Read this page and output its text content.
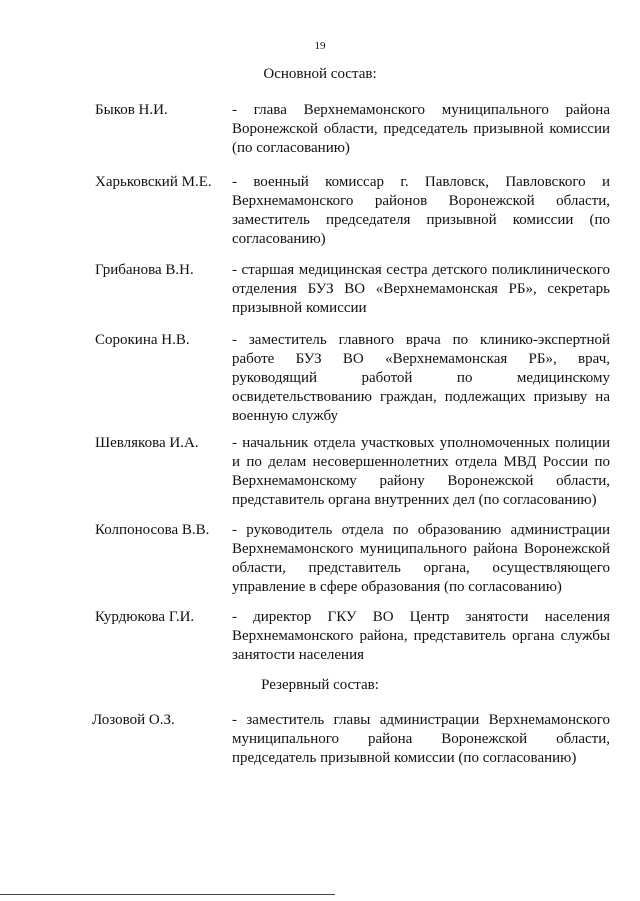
19
Основной состав:
Быков Н.И.	- глава Верхнемамонского муниципального района Воронежской области, председатель призывной комиссии (по согласованию)
Харьковский М.Е. - военный комиссар г. Павловск, Павловского и Верхнемамонского районов Воронежской области, заместитель председателя призывной комиссии (по согласованию)
Грибанова В.Н.	- старшая медицинская сестра детского поликлинического отделения БУЗ ВО «Верхнемамонская РБ», секретарь призывной комиссии
Сорокина Н.В.	- заместитель главного врача по клинико-экспертной работе БУЗ ВО «Верхнемамонская РБ», врач, руководящий работой по медицинскому освидетельствованию граждан, подлежащих призыву на военную службу
Шевлякова И.А. - начальник отдела участковых уполномоченных полиции и по делам несовершеннолетних отдела МВД России по Верхнемамонскому району Воронежской области, представитель органа внутренних дел (по согласованию)
Колпоносова В.В. - руководитель отдела по образованию администрации Верхнемамонского муниципального района Воронежской области, представитель органа, осуществляющего управление в сфере образования (по согласованию)
Курдюкова Г.И.	- директор ГКУ ВО Центр занятости населения Верхнемамонского района, представитель органа службы занятости населения
Резервный состав:
Лозовой О.З.	- заместитель главы администрации Верхнемамонского муниципального района Воронежской области, председатель призывной комиссии (по согласованию)
